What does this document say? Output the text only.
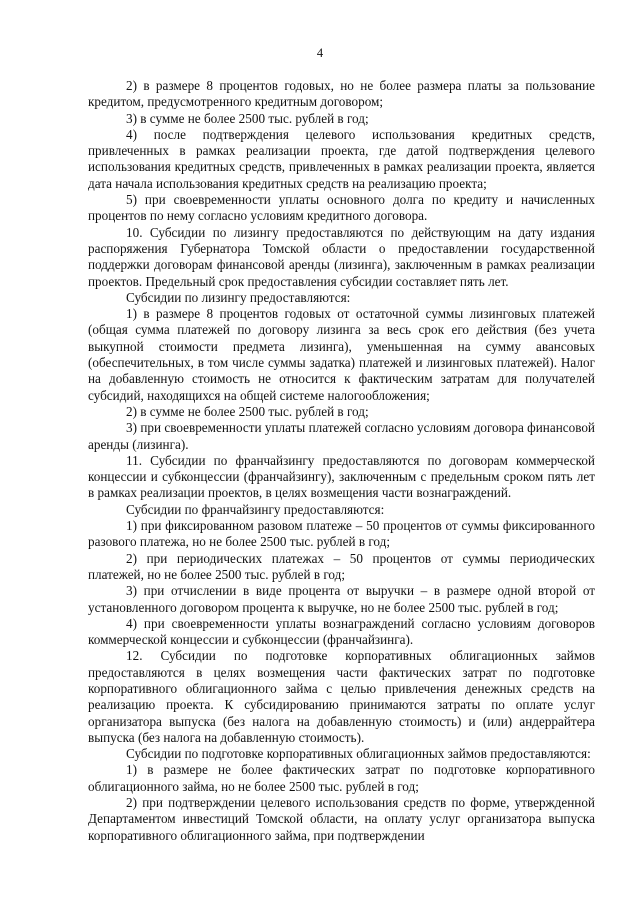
4

2) в размере 8 процентов годовых, но не более размера платы за пользование кредитом, предусмотренного кредитным договором;

3) в сумме не более 2500 тыс. рублей в год;

4) после подтверждения целевого использования кредитных средств, привлеченных в рамках реализации проекта, где датой подтверждения целевого использования кредитных средств, привлеченных в рамках реализации проекта, является дата начала использования кредитных средств на реализацию проекта;

5) при своевременности уплаты основного долга по кредиту и начисленных процентов по нему согласно условиям кредитного договора.

10. Субсидии по лизингу предоставляются по действующим на дату издания распоряжения Губернатора Томской области о предоставлении государственной поддержки договорам финансовой аренды (лизинга), заключенным в рамках реализации проектов. Предельный срок предоставления субсидии составляет пять лет.

Субсидии по лизингу предоставляются:

1) в размере 8 процентов годовых от остаточной суммы лизинговых платежей (общая сумма платежей по договору лизинга за весь срок его действия (без учета выкупной стоимости предмета лизинга), уменьшенная на сумму авансовых (обеспечительных, в том числе суммы задатка) платежей и лизинговых платежей). Налог на добавленную стоимость не относится к фактическим затратам для получателей субсидий, находящихся на общей системе налогообложения;

2) в сумме не более 2500 тыс. рублей в год;

3) при своевременности уплаты платежей согласно условиям договора финансовой аренды (лизинга).

11. Субсидии по франчайзингу предоставляются по договорам коммерческой концессии и субконцессии (франчайзингу), заключенным с предельным сроком пять лет в рамках реализации проектов, в целях возмещения части вознаграждений.

Субсидии по франчайзингу предоставляются:

1) при фиксированном разовом платеже – 50 процентов от суммы фиксированного разового платежа, но не более 2500 тыс. рублей в год;

2) при периодических платежах – 50 процентов от суммы периодических платежей, но не более 2500 тыс. рублей в год;

3) при отчислении в виде процента от выручки – в размере одной второй от установленного договором процента к выручке, но не более 2500 тыс. рублей в год;

4) при своевременности уплаты вознаграждений согласно условиям договоров коммерческой концессии и субконцессии (франчайзинга).

12. Субсидии по подготовке корпоративных облигационных займов предоставляются в целях возмещения части фактических затрат по подготовке корпоративного облигационного займа с целью привлечения денежных средств на реализацию проекта. К субсидированию принимаются затраты по оплате услуг организатора выпуска (без налога на добавленную стоимость) и (или) андеррайтера выпуска (без налога на добавленную стоимость).

Субсидии по подготовке корпоративных облигационных займов предоставляются:

1) в размере не более фактических затрат по подготовке корпоративного облигационного займа, но не более 2500 тыс. рублей в год;

2) при подтверждении целевого использования средств по форме, утвержденной Департаментом инвестиций Томской области, на оплату услуг организатора выпуска корпоративного облигационного займа, при подтверждении
